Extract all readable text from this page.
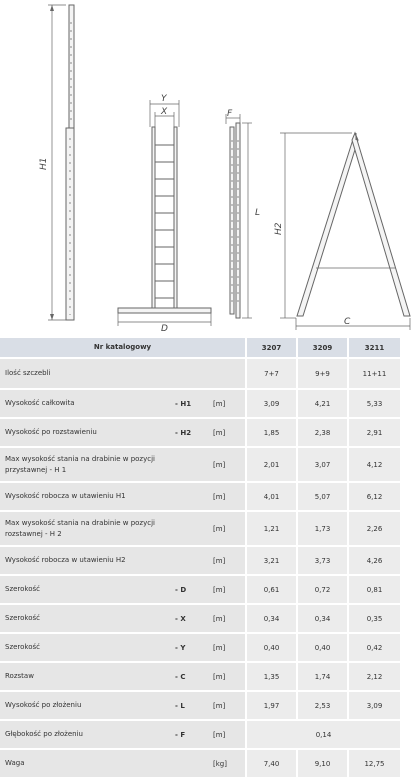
H1
Y
X
D
F
L
H2
C
Nr katalogowy			3207	3209	3211
Ilość szczebli			7+7	9+9	11+11
Wysokość całkowita	- H1	[m]	3,09	4,21	5,33
Wysokość po rozstawieniu	- H2	[m]	1,85	2,38	2,91
Max wysokość stania na drabinie w pozycji przystawnej - H 1		[m]	2,01	3,07	4,12
Wysokość robocza w utawieniu H1		[m]	4,01	5,07	6,12
Max wysokość stania na drabinie w pozycji rozstawnej - H 2		[m]	1,21	1,73	2,26
Wysokość robocza w utawieniu H2		[m]	3,21	3,73	4,26
Szerokość	- D	[m]	0,61	0,72	0,81
Szerokość	- X	[m]	0,34	0,34	0,35
Szerokość	- Y	[m]	0,40	0,40	0,42
Rozstaw	- C	[m]	1,35	1,74	2,12
Wysokość po złożeniu	- L	[m]	1,97	2,53	3,09
Głębokość po złożeniu	- F	[m]	0,14		
Waga		[kg]	7,40	9,10	12,75
